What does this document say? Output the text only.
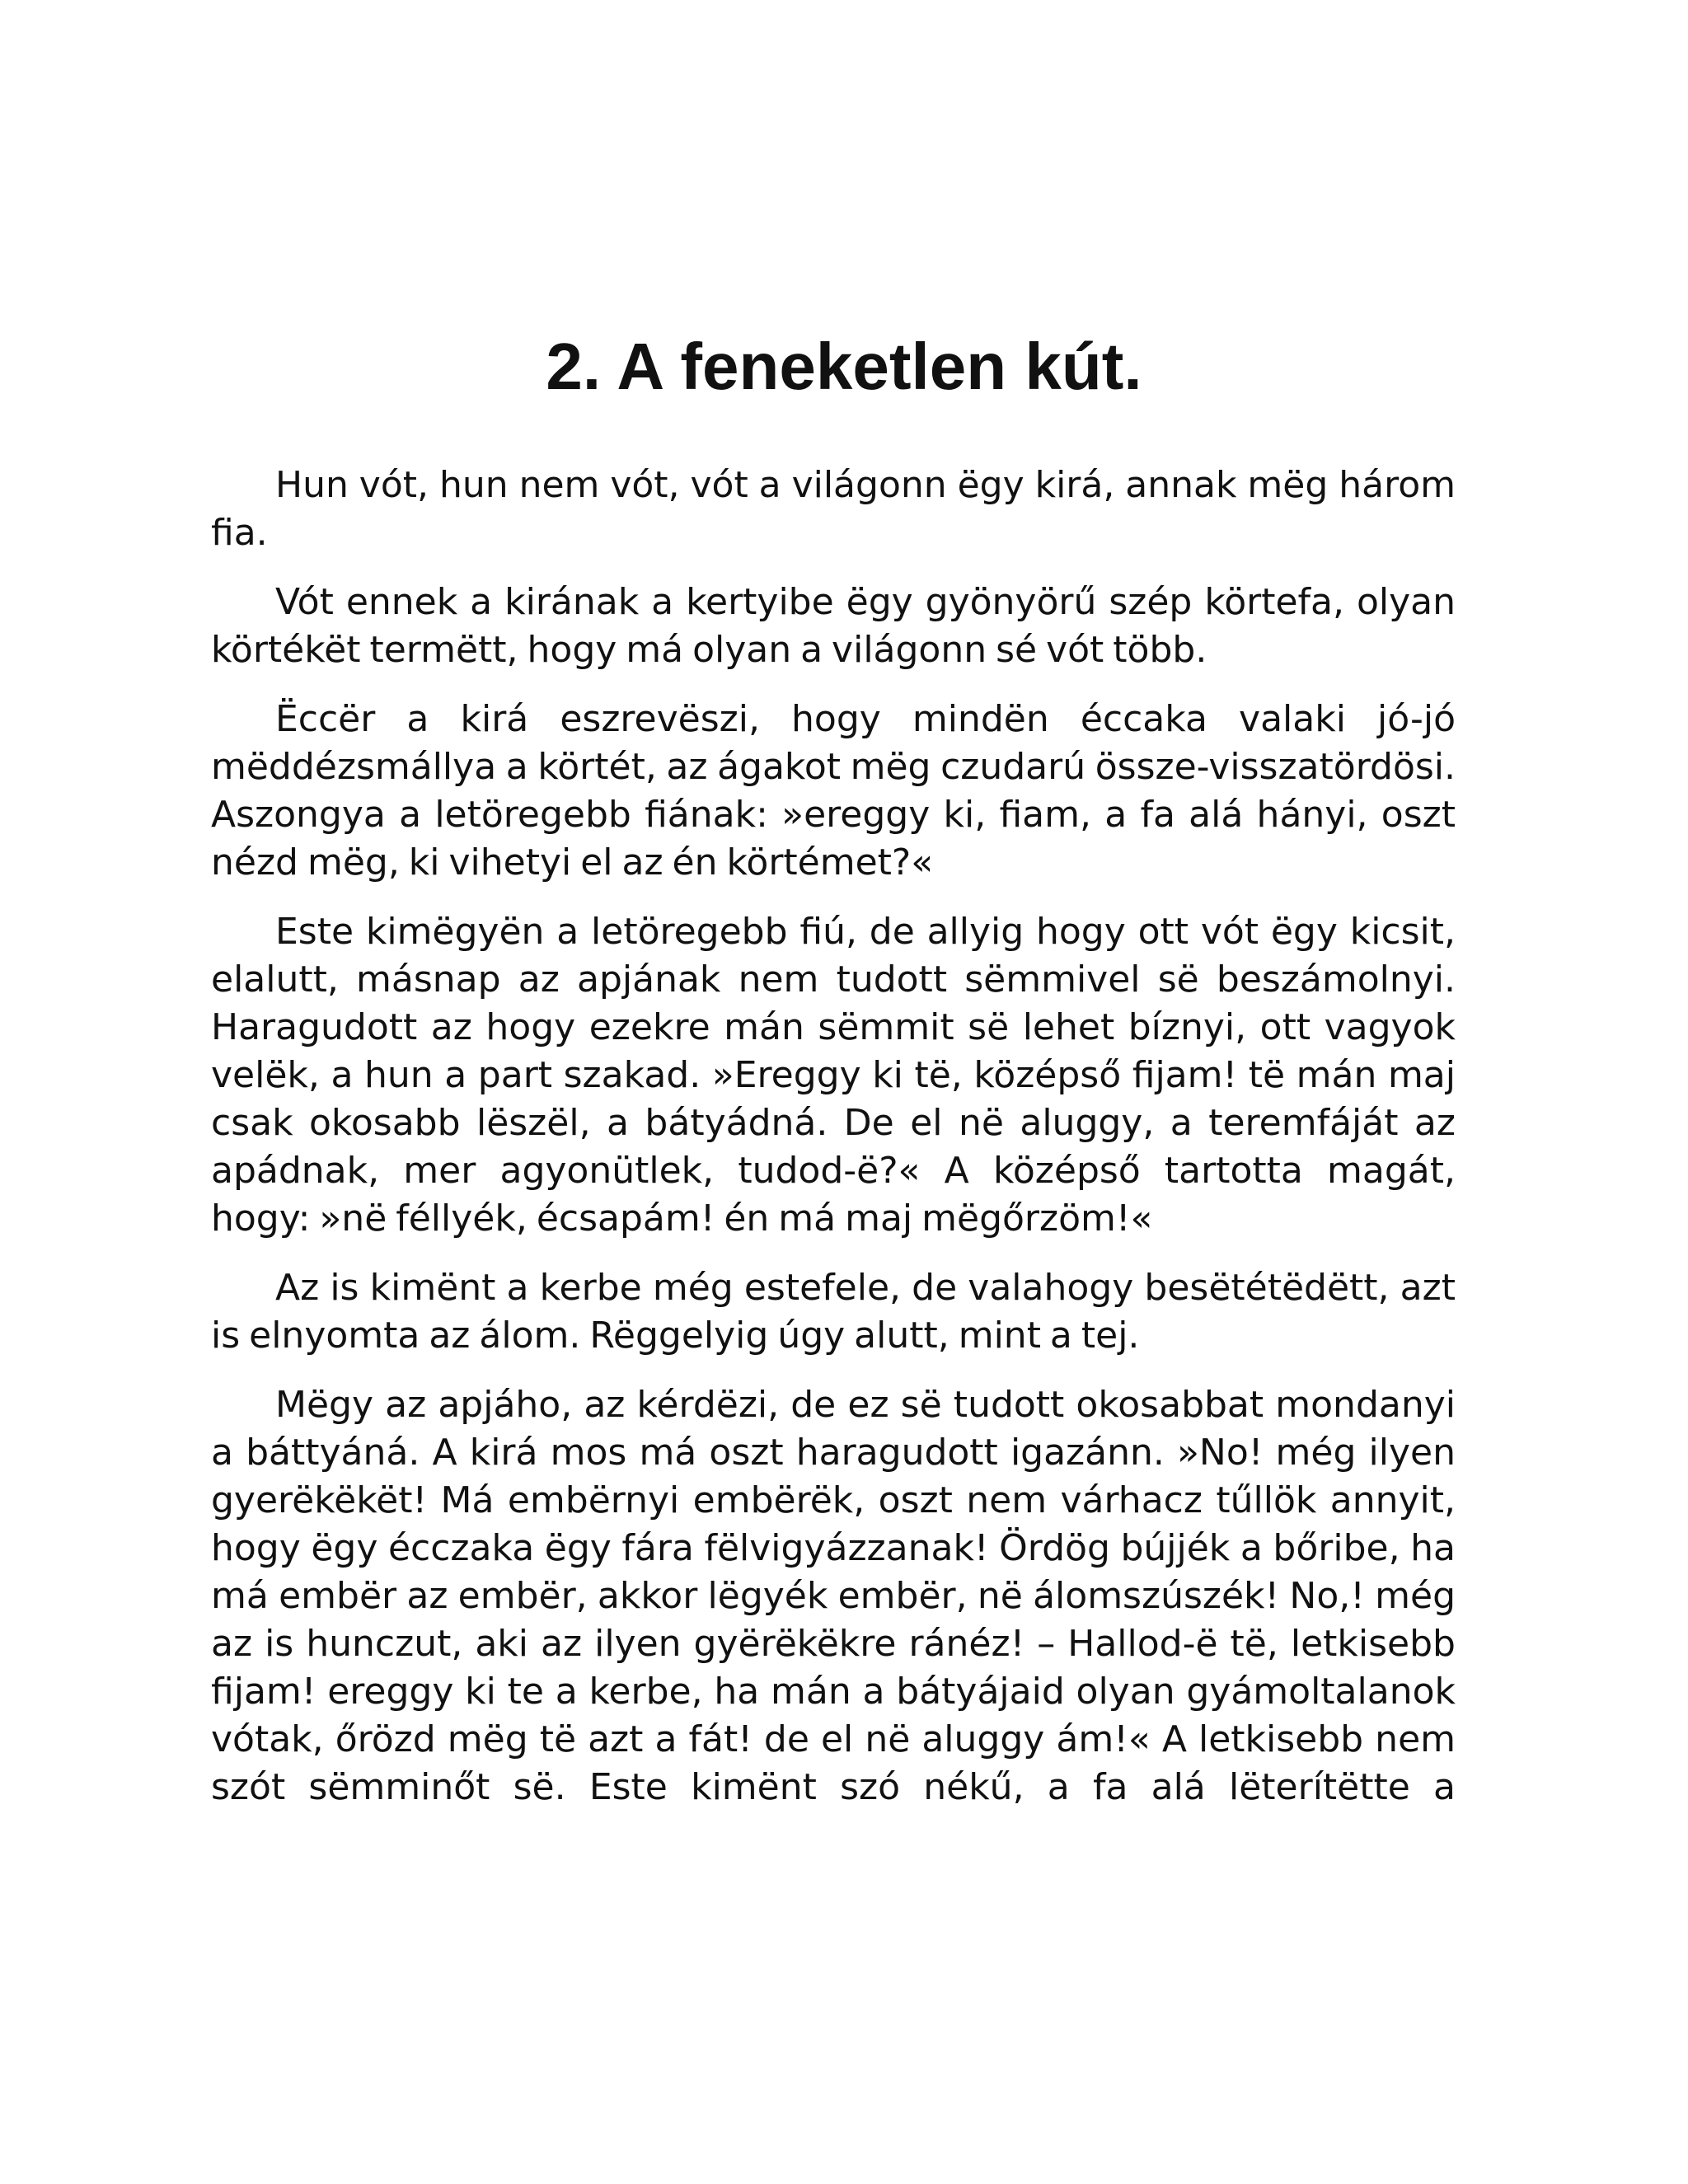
2. A feneketlen kút.

Hun vót, hun nem vót, vót a világonn ëgy kirá, annak mëg három fia.

Vót ennek a kirának a kertyibe ëgy gyönyörű szép körtefa, olyan körtékët termëtt, hogy má olyan a világonn sé vót több.

Ëccër a kirá eszrevëszi, hogy mindën éccaka valaki jó-jó mëddézsmállya a körtét, az ágakot mëg czudarú össze-visszatördösi. Aszongya a letöregebb fiának: »ereggy ki, fiam, a fa alá hányi, oszt nézd mëg, ki vihetyi el az én körtémet?«

Este kimëgyën a letöregebb fiú, de allyig hogy ott vót ëgy kicsit, elalutt, másnap az apjának nem tudott sëmmivel së beszámolnyi. Haragudott az hogy ezekre mán sëmmit së lehet bíznyi, ott vagyok velëk, a hun a part szakad. »Ereggy ki të, középső fijam! të mán maj csak okosabb lëszël, a bátyádná. De el në aluggy, a teremfáját az apádnak, mer agyonütlek, tudod-ë?« A középső tartotta magát, hogy: »në féllyék, écsapám! én má maj mëgőrzöm!«

Az is kimënt a kerbe még estefele, de valahogy besëtétëdëtt, azt is elnyomta az álom. Rëggelyig úgy alutt, mint a tej.

Mëgy az apjáho, az kérdëzi, de ez së tudott okosabbat mondanyi a báttyáná. A kirá mos má oszt haragudott igazánn. »No! még ilyen gyerëkëkët! Má embërnyi embërëk, oszt nem várhacz tűllök annyit, hogy ëgy écczaka ëgy fára fëlvigyázzanak! Ördög bújjék a bőribe, ha má embër az embër, akkor lëgyék embër, në álomszúszék! No,! még az is hunczut, aki az ilyen gyërëkëkre ránéz! – Hallod-ë të, letkisebb fijam! ereggy ki te a kerbe, ha mán a bátyájaid olyan gyámoltalanok vótak, őrözd mëg të azt a fát! de el në aluggy ám!« A letkisebb nem szót sëmminőt së. Este kimënt szó nékű, a fa alá lëterítëtte a
